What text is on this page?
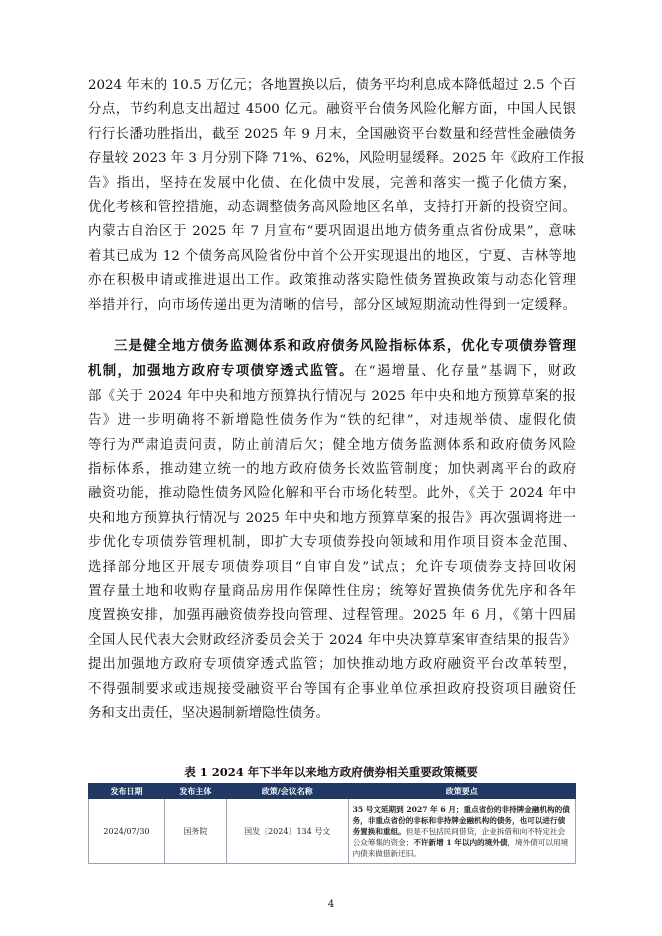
2024 年末的 10.5 万亿元；各地置换以后，债务平均利息成本降低超过 2.5 个百
分点，节约利息支出超过 4500 亿元。融资平台债务风险化解方面，中国人民银
行行长潘功胜指出，截至 2025 年 9 月末，全国融资平台数量和经营性金融债务
存量较 2023 年 3 月分别下降 71%、62%，风险明显缓释。2025 年《政府工作报
告》指出，坚持在发展中化债、在化债中发展，完善和落实一揽子化债方案，
优化考核和管控措施，动态调整债务高风险地区名单，支持打开新的投资空间。
内蒙古自治区于 2025 年 7 月宣布“要巩固退出地方债务重点省份成果”，意味
着其已成为 12 个债务高风险省份中首个公开实现退出的地区，宁夏、吉林等地
亦在积极申请或推进退出工作。政策推动落实隐性债务置换政策与动态化管理
举措并行，向市场传递出更为清晰的信号，部分区域短期流动性得到一定缓释。
三是健全地方债务监测体系和政府债务风险指标体系，优化专项债券管理
机制，加强地方政府专项债穿透式监管。在“遏增量、化存量”基调下，财政
部《关于 2024 年中央和地方预算执行情况与 2025 年中央和地方预算草案的报
告》进一步明确将不新增隐性债务作为“铁的纪律”，对违规举债、虚假化债
等行为严肃追责问责，防止前清后欠；健全地方债务监测体系和政府债务风险
指标体系，推动建立统一的地方政府债务长效监管制度；加快剥离平台的政府
融资功能，推动隐性债务风险化解和平台市场化转型。此外，《关于 2024 年中
央和地方预算执行情况与 2025 年中央和地方预算草案的报告》再次强调将进一
步优化专项债券管理机制，即扩大专项债券投向领域和用作项目资本金范围、
选择部分地区开展专项债券项目“自审自发”试点；允许专项债券支持回收闲
置存量土地和收购存量商品房用作保障性住房；统筹好置换债务优先序和各年
度置换安排，加强再融资债券投向管理、过程管理。2025 年 6 月，《第十四届
全国人民代表大会财政经济委员会关于 2024 年中央决算草案审查结果的报告》
提出加强地方政府专项债穿透式监管；加快推动地方政府融资平台改革转型，
不得强制要求或违规接受融资平台等国有企事业单位承担政府投资项目融资任
务和支出责任，坚决遏制新增隐性债务。
表 1 2024 年下半年以来地方政府债券相关重要政策概要
发布日期	发布主体	政策/会议名称	政策要点
2024/07/30	国务院	国发〔2024〕134 号文	35 号文延期到 2027 年 6 月；重点省份的非持牌金融机构的债务，非重点省份的非标和非持牌金融机构的债务，也可以进行债务置换和重组。但是不包括民间借贷，企业拆借和向不特定社会公众筹集的资金；不许新增 1 年以内的境外债，境外债可以用境内债来做借新还旧。
4
